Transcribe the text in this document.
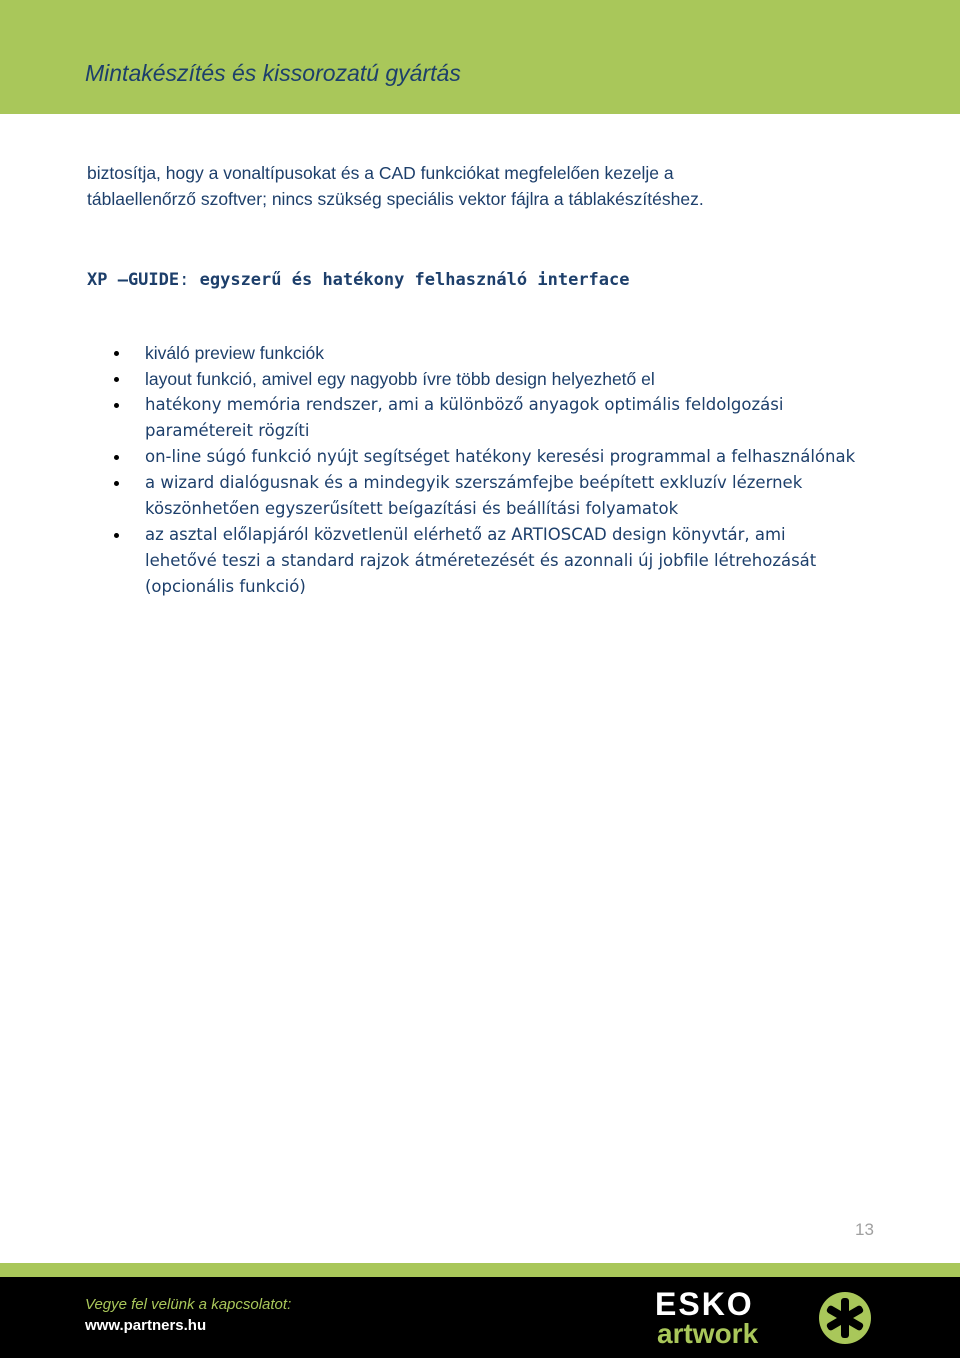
Mintakészítés és kissorozatú gyártás
biztosítja, hogy a vonaltípusokat és a CAD funkciókat megfelelően kezelje a
táblaellenőrző szoftver; nincs szükség speciális vektor fájlra a táblakészítéshez.
XP –GUIDE: egyszerű és hatékony felhasználó interface
kiváló preview funkciók
layout funkció, amivel egy nagyobb ívre több design helyezhető el
hatékony memória rendszer, ami a különböző anyagok optimális feldolgozási paramétereit rögzíti
on-line súgó funkció nyújt segítséget hatékony keresési programmal a felhasználónak
a wizard dialógusnak és a mindegyik szerszámfejbe beépített exkluzív lézernek köszönhetően egyszerűsített beígazítási és beállítási folyamatok
az asztal előlapjáról közvetlenül elérhető az ARTIOSCAD design könyvtár, ami lehetővé teszi a standard rajzok átméretezését és azonnali új jobfile létrehozását (opcionális funkció)
13
Vegye fel velünk a kapcsolatot:
www.partners.hu
ESKO
artwork
